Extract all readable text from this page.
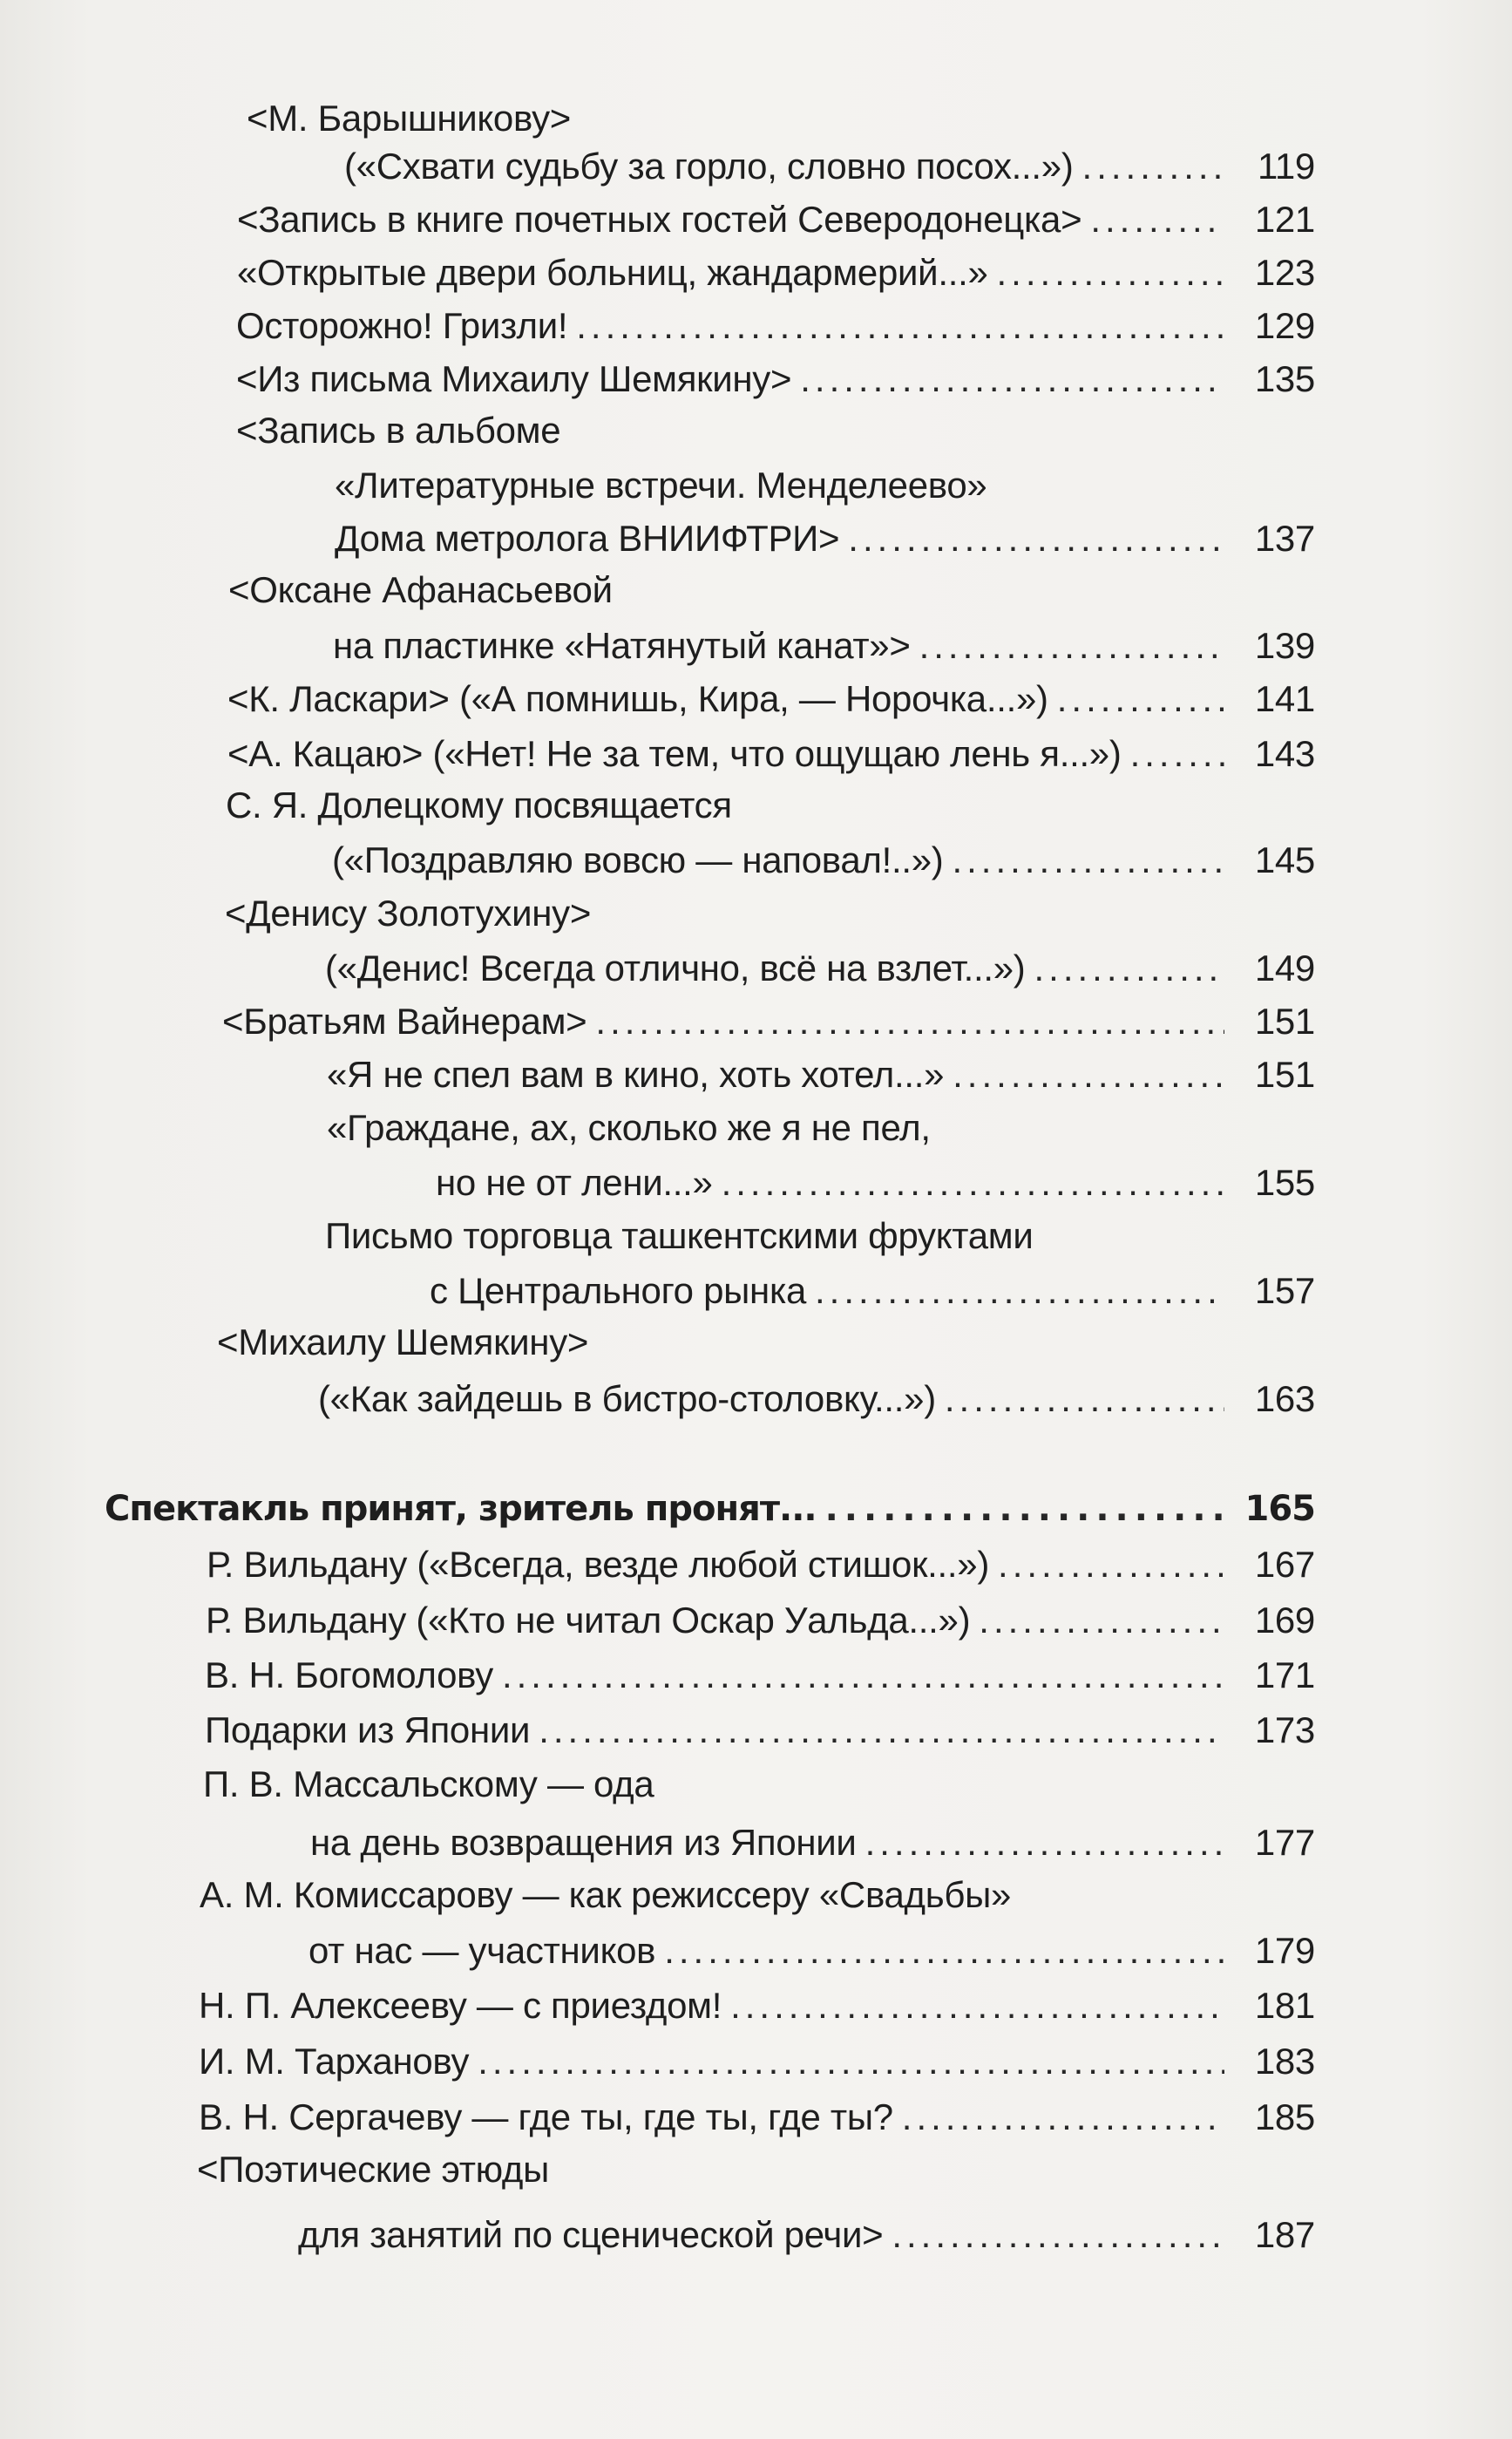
<М. Барышникову>
(«Схвати судьбу за горло, словно посох...») .....	119
<Запись в книге почетных гостей Северодонецка> .....	121
«Открытые двери больниц, жандармерий...» .....	123
Осторожно! Гризли! .....	129
<Из письма Михаилу Шемякину> .....	135
<Запись в альбоме
«Литературные встречи. Менделеево»
Дома метролога ВНИИФТРИ> .....	137
<Оксане Афанасьевой
на пластинке «Натянутый канат»> .....	139
<К. Ласкари> («А помнишь, Кира, — Норочка...») .....	141
<А. Кацаю> («Нет! Не за тем, что ощущаю лень я...») .....	143
С. Я. Долецкому посвящается
(«Поздравляю вовсю — наповал!..») .....	145
<Денису Золотухину>
(«Денис! Всегда отлично, всё на взлет...») .....	149
<Братьям Вайнерам> .....	151
«Я не спел вам в кино, хоть хотел...» .....	151
«Граждане, ах, сколько же я не пел,
но не от лени...» .....	155
Письмо торговца ташкентскими фруктами
с Центрального рынка .....	157
<Михаилу Шемякину>
(«Как зайдешь в бистро-столовку...») .....	163
Спектакль принят, зритель пронят... .....	165
Р. Вильдану («Всегда, везде любой стишок...») .....	167
Р. Вильдану («Кто не читал Оскар Уальда...») .....	169
В. Н. Богомолову .....	171
Подарки из Японии .....	173
П. В. Массальскому — ода
на день возвращения из Японии .....	177
А. М. Комиссарову — как режиссеру «Свадьбы»
от нас — участников .....	179
Н. П. Алексееву — с приездом! .....	181
И. М. Тарханову .....	183
В. Н. Сергачеву — где ты, где ты, где ты? .....	185
<Поэтические этюды
для занятий по сценической речи> .....	187
